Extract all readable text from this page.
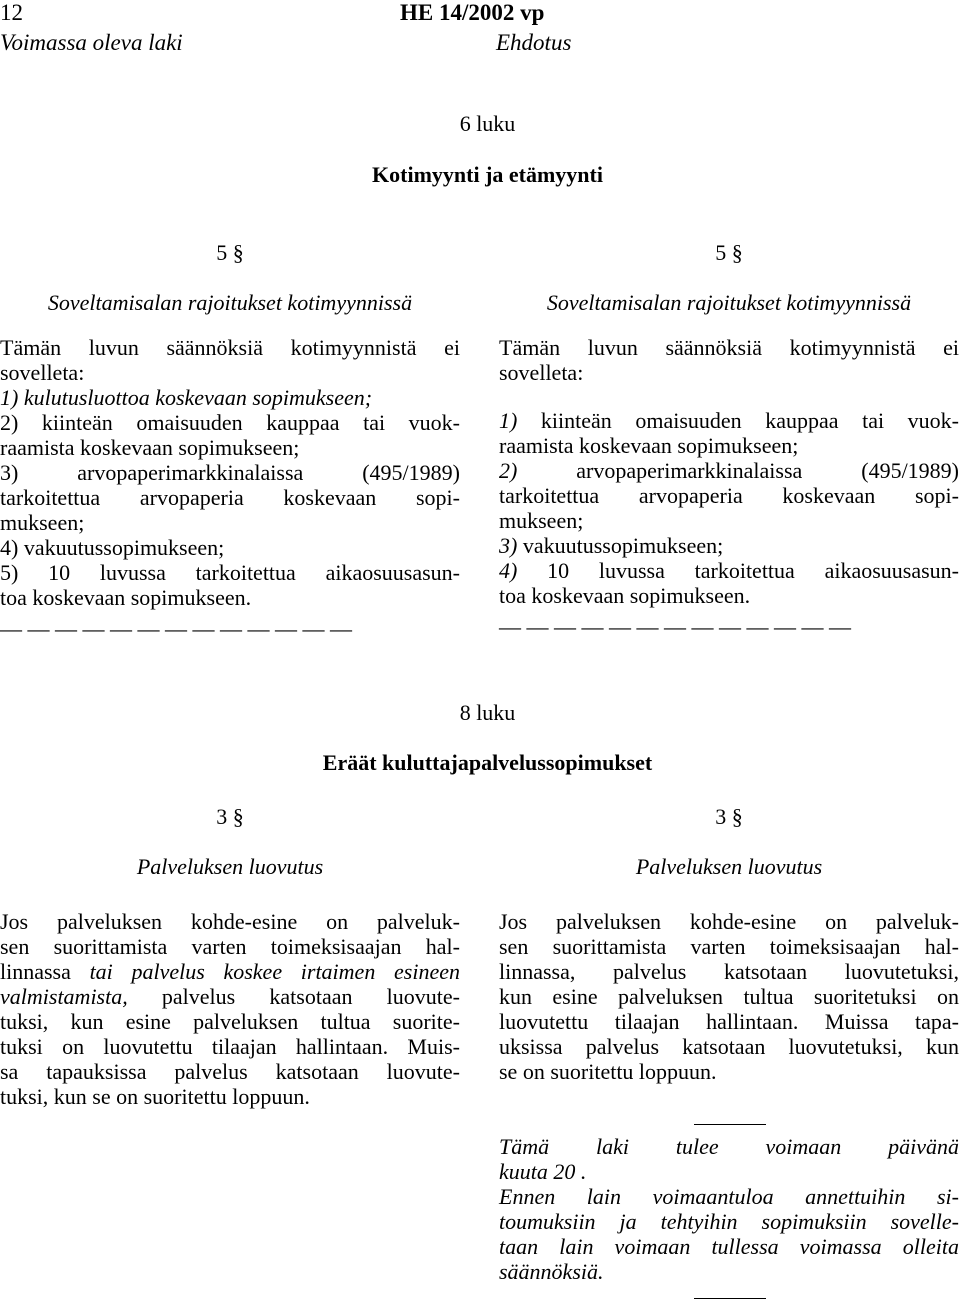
12	HE 14/2002 vp
Voimassa oleva laki	Ehdotus
6 luku
Kotimyynti ja etämyynti
5 §
Soveltamisalan rajoitukset kotimyynnissä
Tämän luvun säännöksiä kotimyynnistä ei
sovelleta:
1) kulutusluottoa koskevaan sopimukseen;
2) kiinteän omaisuuden kauppaa tai vuok-
raamista koskevaan sopimukseen;
3) arvopaperimarkkinalaissa (495/1989)
tarkoitettua arvopaperia koskevaan sopi-
mukseen;
4) vakuutussopimukseen;
5) 10 luvussa tarkoitettua aikaosuusasun-
toa koskevaan sopimukseen.
— — — — — — — — — — — — —
5 §
Soveltamisalan rajoitukset kotimyynnissä
Tämän luvun säännöksiä kotimyynnistä ei
sovelleta:
1) kiinteän omaisuuden kauppaa tai vuok-
raamista koskevaan sopimukseen;
2)	arvopaperimarkkinalaissa (495/1989)
tarkoitettua arvopaperia koskevaan sopi-
mukseen;
3) vakuutussopimukseen;
4) 10 luvussa tarkoitettua aikaosuusasun-
toa koskevaan sopimukseen.
— — — — — — — — — — — — —
8 luku
Eräät kuluttajapalvelussopimukset
3 §
Palveluksen luovutus
Jos palveluksen kohde-esine on palveluk-
sen suorittamista varten toimeksisaajan hal-
linnassa tai palvelus koskee irtaimen esineen
valmistamista, palvelus katsotaan luovute-
tuksi, kun esine palveluksen tultua suorite-
tuksi on luovutettu tilaajan hallintaan. Muis-
sa tapauksissa palvelus katsotaan luovute-
tuksi, kun se on suoritettu loppuun.
3 §
Palveluksen luovutus
Jos palveluksen kohde-esine on palveluk-
sen suorittamista varten toimeksisaajan hal-
linnassa, palvelus katsotaan luovutetuksi,
kun esine palveluksen tultua suoritetuksi on
luovutettu tilaajan hallintaan. Muissa tapa-
uksissa palvelus katsotaan luovutetuksi, kun
se on suoritettu loppuun.
Tämä laki tulee voimaan päivänä
kuuta 20 .
Ennen lain voimaantuloa annettuihin si-
toumuksiin ja tehtyihin sopimuksiin sovelle-
taan lain voimaan tullessa voimassa olleita
säännöksiä.
